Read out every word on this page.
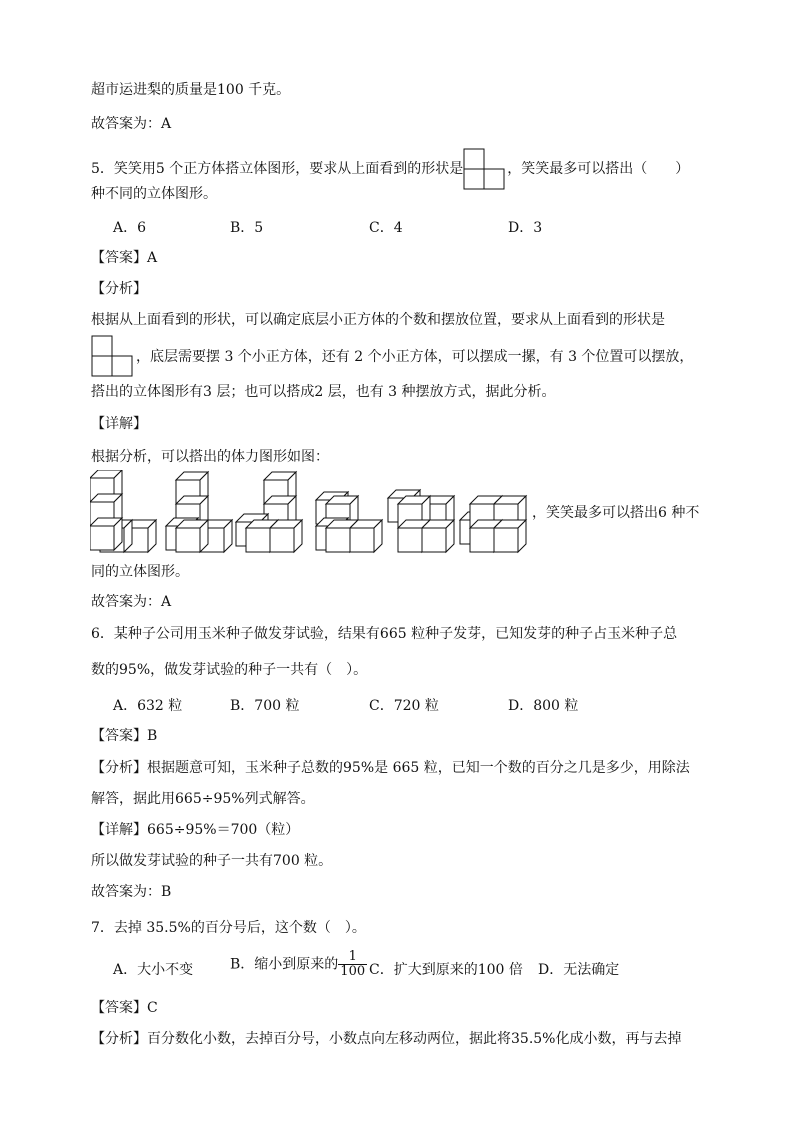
超市运进梨的质量是100 千克。
故答案为：A
5．笑笑用5 个正方体搭立体图形，要求从上面看到的形状是	，笑笑最多可以搭出（　　）
种不同的立体图形。
A．6	B．5	C．4	D．3
【答案】A
【分析】
根据从上面看到的形状，可以确定底层小正方体的个数和摆放位置，要求从上面看到的形状是
，底层需要摆 3 个小正方体，还有 2 个小正方体，可以摆成一摞，有 3 个位置可以摆放，
搭出的立体图形有3 层；也可以搭成2 层，也有 3 种摆放方式，据此分析。
【详解】
根据分析，可以搭出的体力图形如图：
，笑笑最多可以搭出6 种不
同的立体图形。
故答案为：A
6．某种子公司用玉米种子做发芽试验，结果有665 粒种子发芽，已知发芽的种子占玉米种子总
数的95%，做发芽试验的种子一共有（　）。
A．632 粒	B．700 粒	C．720 粒	D．800 粒
【答案】B
【分析】根据题意可知，玉米种子总数的95%是 665 粒，已知一个数的百分之几是多少，用除法
解答，据此用665÷95%列式解答。
【详解】665÷95%＝700（粒）
所以做发芽试验的种子一共有700 粒。
故答案为：B
7．去掉 35.5%的百分号后，这个数（　）。
A．大小不变	B．缩小到原来的 $\frac{1}{100}$ C．扩大到原来的100 倍 D．无法确定
【答案】C
【分析】百分数化小数，去掉百分号，小数点向左移动两位，据此将35.5%化成小数，再与去掉
